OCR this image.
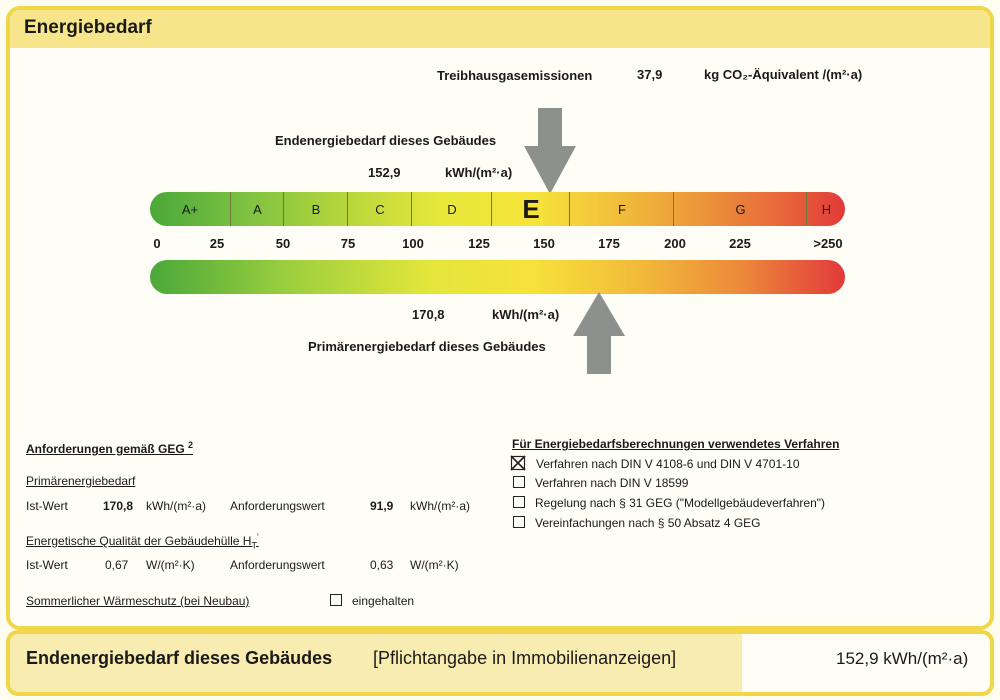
Energiebedarf
Treibhausgasemissionen	37,9	kg CO₂-Äquivalent /(m²·a)
Endenergiebedarf dieses Gebäudes
152,9	kWh/(m²·a)
A+	A	B	C	D	E	F	G	H
0	25	50	75	100	125	150	175	200	225	>250
170,8	kWh/(m²·a)
Primärenergiebedarf dieses Gebäudes
Anforderungen gemäß GEG $^2$
Primärenergiebedarf
Ist-Wert	170,8 kWh/(m²·a) Anforderungswert	91,9 kWh/(m²·a)
Energetische Qualität der Gebäudehülle $H_T'$
Ist-Wert	0,67 W/(m²·K)	Anforderungswert	0,63 W/(m²·K)
Sommerlicher Wärmeschutz (bei Neubau)	eingehalten
Für Energiebedarfsberechnungen verwendetes Verfahren
Verfahren nach DIN V 4108-6 und DIN V 4701-10
Verfahren nach DIN V 18599
Regelung nach § 31 GEG ("Modellgebäudeverfahren")
Vereinfachungen nach § 50 Absatz 4 GEG
Endenergiebedarf dieses Gebäudes [Pflichtangabe in Immobilienanzeigen]	152,9 kWh/(m²·a)
